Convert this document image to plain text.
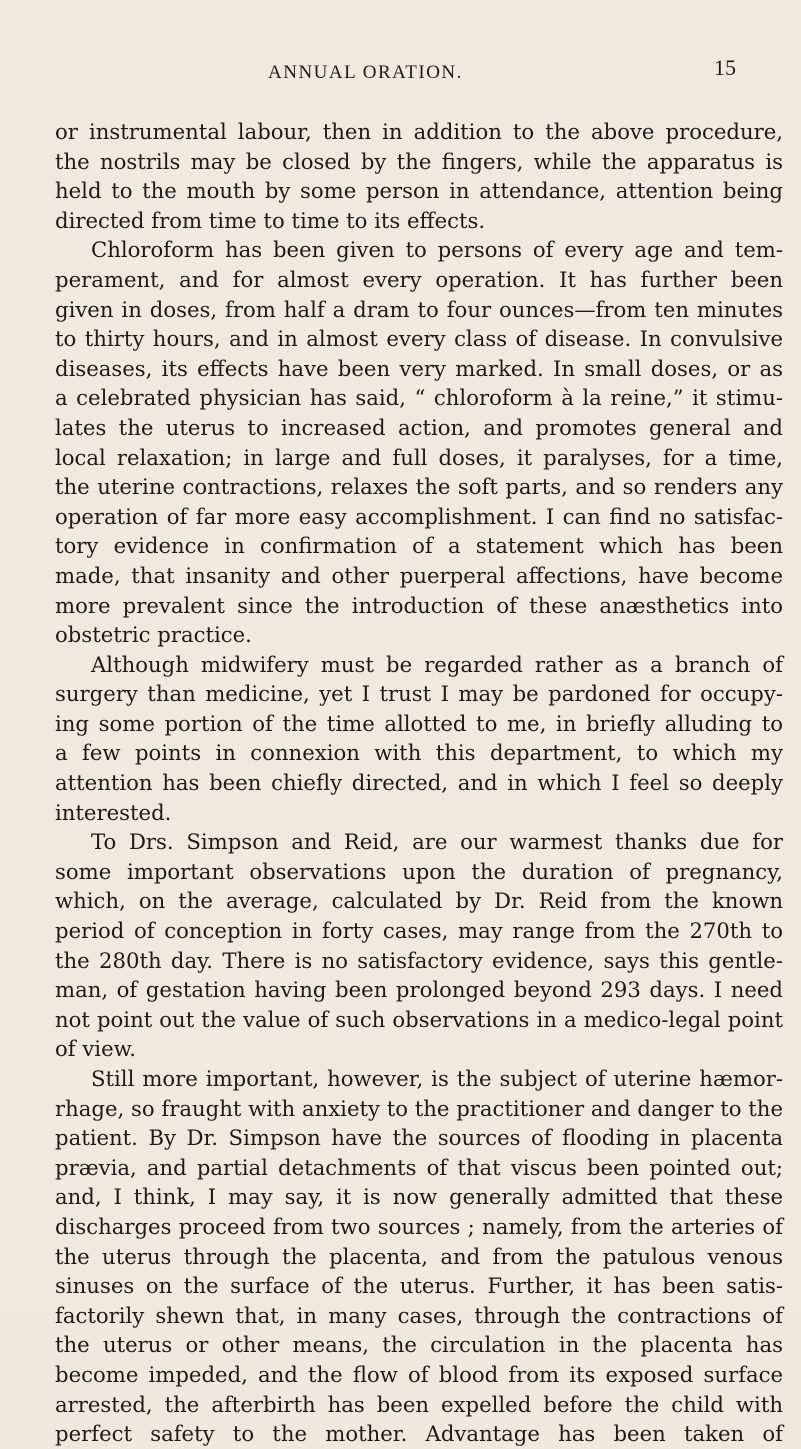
ANNUAL ORATION.	15
or instrumental labour, then in addition to the above procedure,
the nostrils may be closed by the fingers, while the apparatus is
held to the mouth by some person in attendance, attention being
directed from time to time to its effects.
Chloroform has been given to persons of every age and tem-
perament, and for almost every operation. It has further been
given in doses, from half a dram to four ounces—from ten minutes
to thirty hours, and in almost every class of disease. In convulsive
diseases, its effects have been very marked. In small doses, or as
a celebrated physician has said, “ chloroform à la reine,” it stimu-
lates the uterus to increased action, and promotes general and
local relaxation; in large and full doses, it paralyses, for a time,
the uterine contractions, relaxes the soft parts, and so renders any
operation of far more easy accomplishment. I can find no satisfac-
tory evidence in confirmation of a statement which has been
made, that insanity and other puerperal affections, have become
more prevalent since the introduction of these anæsthetics into
obstetric practice.
Although midwifery must be regarded rather as a branch of
surgery than medicine, yet I trust I may be pardoned for occupy-
ing some portion of the time allotted to me, in briefly alluding to
a few points in connexion with this department, to which my
attention has been chiefly directed, and in which I feel so deeply
interested.
To Drs. Simpson and Reid, are our warmest thanks due for
some important observations upon the duration of pregnancy,
which, on the average, calculated by Dr. Reid from the known
period of conception in forty cases, may range from the 270th to
the 280th day. There is no satisfactory evidence, says this gentle-
man, of gestation having been prolonged beyond 293 days. I need
not point out the value of such observations in a medico-legal point
of view.
Still more important, however, is the subject of uterine hæmor-
rhage, so fraught with anxiety to the practitioner and danger to the
patient. By Dr. Simpson have the sources of flooding in placenta
prævia, and partial detachments of that viscus been pointed out;
and, I think, I may say, it is now generally admitted that these
discharges proceed from two sources ; namely, from the arteries of
the uterus through the placenta, and from the patulous venous
sinuses on the surface of the uterus. Further, it has been satis-
factorily shewn that, in many cases, through the contractions of
the uterus or other means, the circulation in the placenta has
become impeded, and the flow of blood from its exposed surface
arrested, the afterbirth has been expelled before the child with
perfect safety to the mother. Advantage has been taken of
